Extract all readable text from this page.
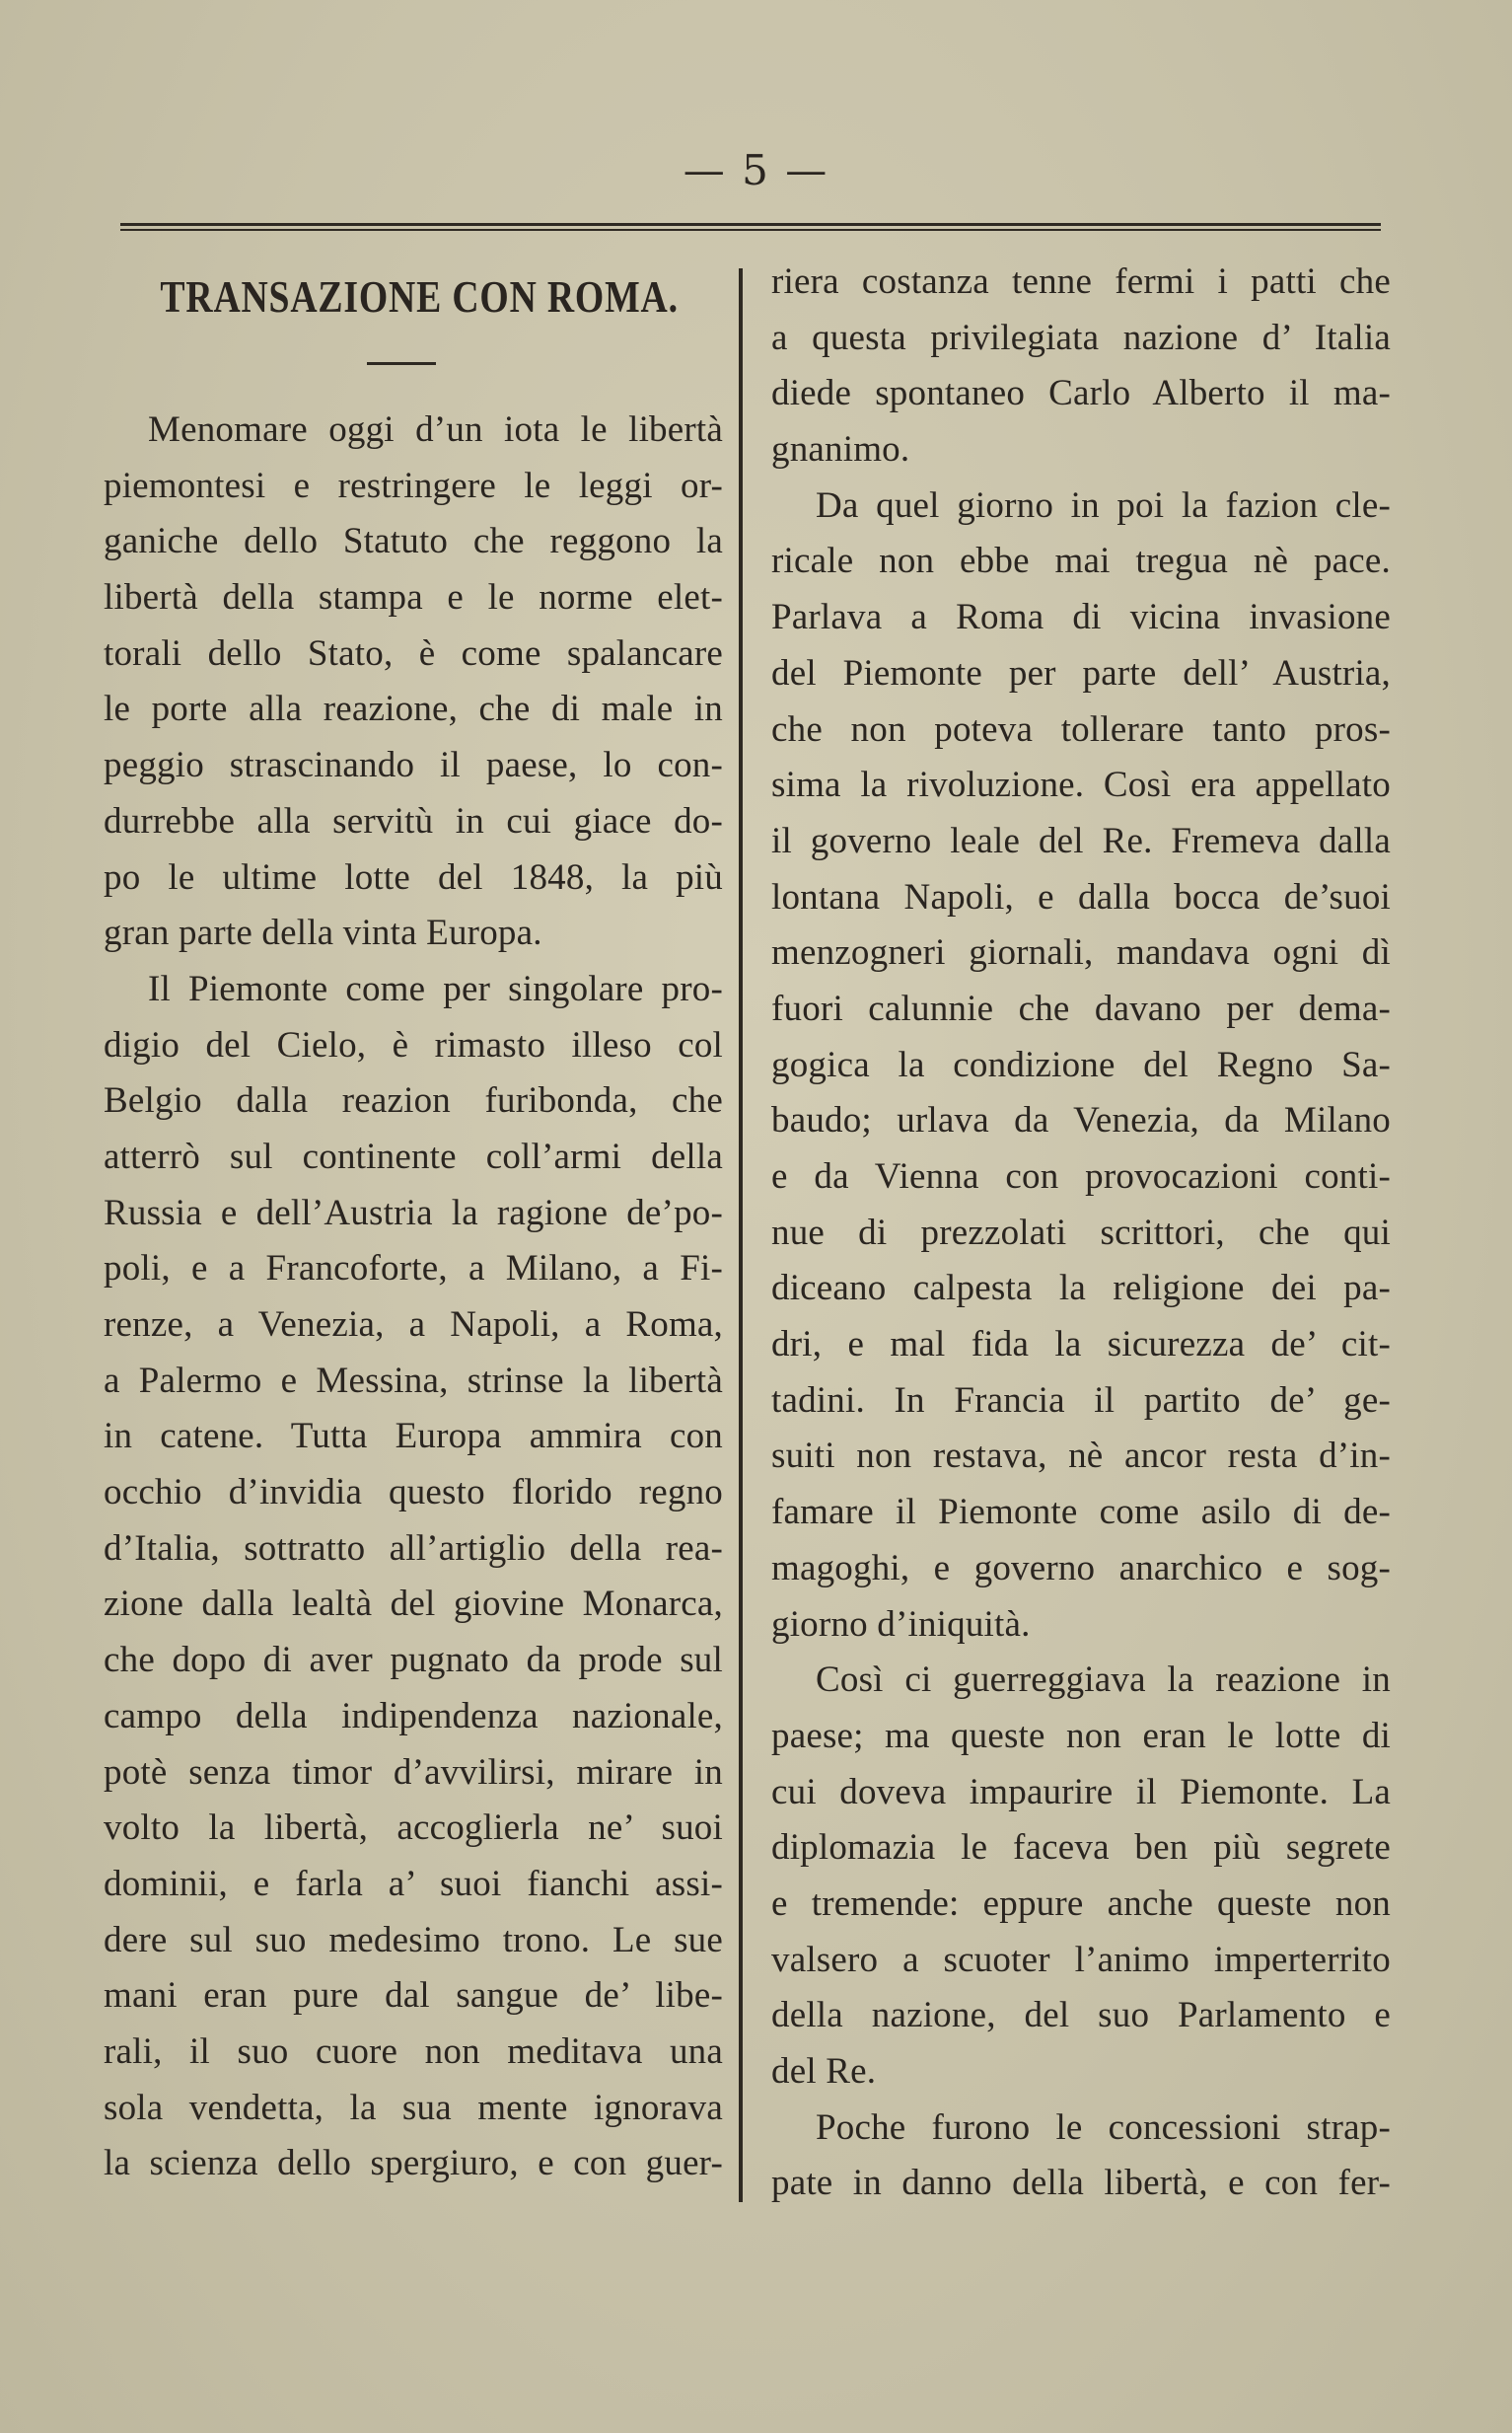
— 5 —
TRANSAZIONE CON ROMA.
Menomare oggi d’un iota le libertà
piemontesi e restringere le leggi or-
ganiche dello Statuto che reggono la
libertà della stampa e le norme elet-
torali dello Stato, è come spalancare
le porte alla reazione, che di male in
peggio strascinando il paese, lo con-
durrebbe alla servitù in cui giace do-
po le ultime lotte del 1848, la più
gran parte della vinta Europa.
Il Piemonte come per singolare pro-
digio del Cielo, è rimasto illeso col
Belgio dalla reazion furibonda, che
atterrò sul continente coll’armi della
Russia e dell’Austria la ragione de’po-
poli, e a Francoforte, a Milano, a Fi-
renze, a Venezia, a Napoli, a Roma,
a Palermo e Messina, strinse la libertà
in catene. Tutta Europa ammira con
occhio d’invidia questo florido regno
d’Italia, sottratto all’artiglio della rea-
zione dalla lealtà del giovine Monarca,
che dopo di aver pugnato da prode sul
campo della indipendenza nazionale,
potè senza timor d’avvilirsi, mirare in
volto la libertà, accoglierla ne’ suoi
dominii, e farla a’ suoi fianchi assi-
dere sul suo medesimo trono. Le sue
mani eran pure dal sangue de’ libe-
rali, il suo cuore non meditava una
sola vendetta, la sua mente ignorava
la scienza dello spergiuro, e con guer-
riera costanza tenne fermi i patti che
a questa privilegiata nazione d’ Italia
diede spontaneo Carlo Alberto il ma-
gnanimo.
Da quel giorno in poi la fazion cle-
ricale non ebbe mai tregua nè pace.
Parlava a Roma di vicina invasione
del Piemonte per parte dell’ Austria,
che non poteva tollerare tanto pros-
sima la rivoluzione. Così era appellato
il governo leale del Re. Fremeva dalla
lontana Napoli, e dalla bocca de’suoi
menzogneri giornali, mandava ogni dì
fuori calunnie che davano per dema-
gogica la condizione del Regno Sa-
baudo; urlava da Venezia, da Milano
e da Vienna con provocazioni conti-
nue di prezzolati scrittori, che qui
diceano calpesta la religione dei pa-
dri, e mal fida la sicurezza de’ cit-
tadini. In Francia il partito de’ ge-
suiti non restava, nè ancor resta d’in-
famare il Piemonte come asilo di de-
magoghi, e governo anarchico e sog-
giorno d’iniquità.
Così ci guerreggiava la reazione in
paese; ma queste non eran le lotte di
cui doveva impaurire il Piemonte. La
diplomazia le faceva ben più segrete
e tremende: eppure anche queste non
valsero a scuoter l’animo imperterrito
della nazione, del suo Parlamento e
del Re.
Poche furono le concessioni strap-
pate in danno della libertà, e con fer-
